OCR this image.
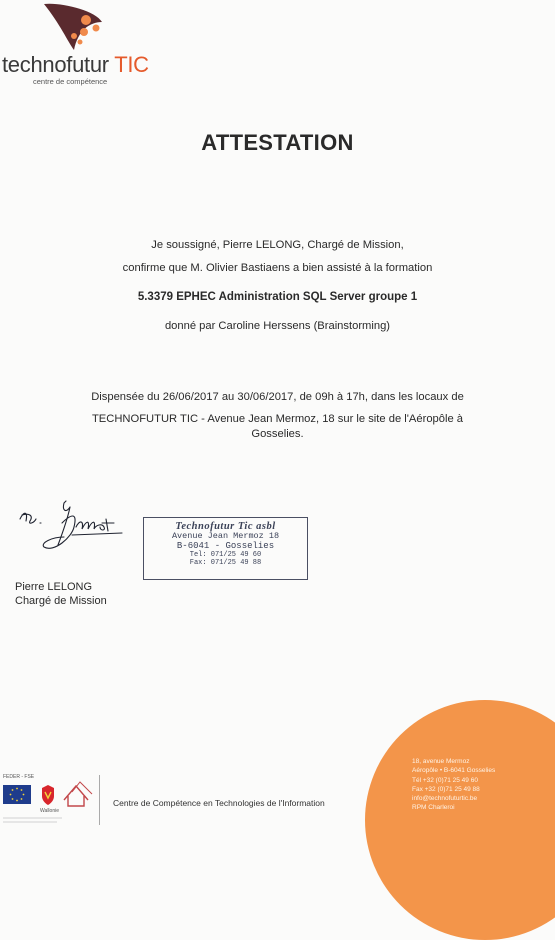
technofutur TIC
centre de compétence
ATTESTATION
Je soussigné, Pierre LELONG, Chargé de Mission,
confirme que M. Olivier Bastiaens a bien assisté à la formation
5.3379 EPHEC Administration SQL Server groupe 1
donné par Caroline Herssens (Brainstorming)
Dispensée du 26/06/2017 au 30/06/2017, de 09h à 17h, dans les locaux de
TECHNOFUTUR TIC - Avenue Jean Mermoz, 18 sur le site de l'Aéropôle à
Gosselies.
Technofutur Tic asbl
Avenue Jean Mermoz 18
B-6041 - Gosselies
Tel: 071/25 49 60
Fax: 071/25 49 88
Pierre LELONG
Chargé de Mission
FEDER - FSE
Wallonie
Centre de Compétence en Technologies de l'Information
18, avenue Mermoz
Aéropôle • B-6041 Gosselies
Tél +32 (0)71 25 49 60
Fax +32 (0)71 25 49 88
info@technofuturtic.be
RPM Charleroi
